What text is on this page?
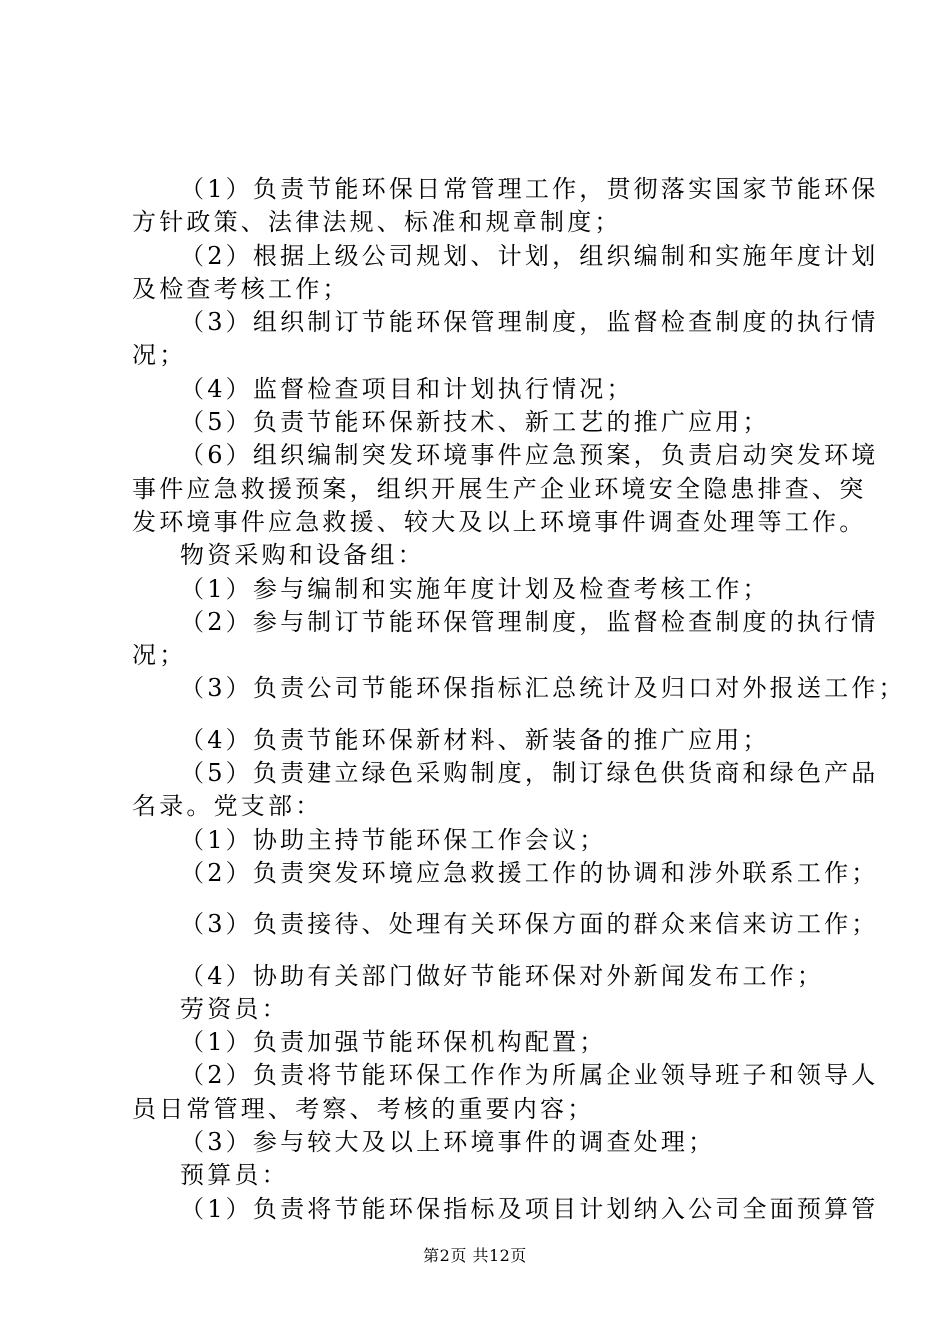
（1）负责节能环保日常管理工作，贯彻落实国家节能环保
方针政策、法律法规、标准和规章制度；
（2）根据上级公司规划、计划，组织编制和实施年度计划
及检查考核工作；
（3）组织制订节能环保管理制度，监督检查制度的执行情
况；
（4）监督检查项目和计划执行情况；
（5）负责节能环保新技术、新工艺的推广应用；
（6）组织编制突发环境事件应急预案，负责启动突发环境
事件应急救援预案，组织开展生产企业环境安全隐患排查、突
发环境事件应急救援、较大及以上环境事件调查处理等工作。
物资采购和设备组：
（1）参与编制和实施年度计划及检查考核工作；
（2）参与制订节能环保管理制度，监督检查制度的执行情
况；
（3）负责公司节能环保指标汇总统计及归口对外报送工作；
（4）负责节能环保新材料、新装备的推广应用；
（5）负责建立绿色采购制度，制订绿色供货商和绿色产品
名录。党支部：
（1）协助主持节能环保工作会议；
（2）负责突发环境应急救援工作的协调和涉外联系工作；
（3）负责接待、处理有关环保方面的群众来信来访工作；
（4）协助有关部门做好节能环保对外新闻发布工作；
劳资员：
（1）负责加强节能环保机构配置；
（2）负责将节能环保工作作为所属企业领导班子和领导人
员日常管理、考察、考核的重要内容；
（3）参与较大及以上环境事件的调查处理；
预算员：
（1）负责将节能环保指标及项目计划纳入公司全面预算管
第2页 共12页
